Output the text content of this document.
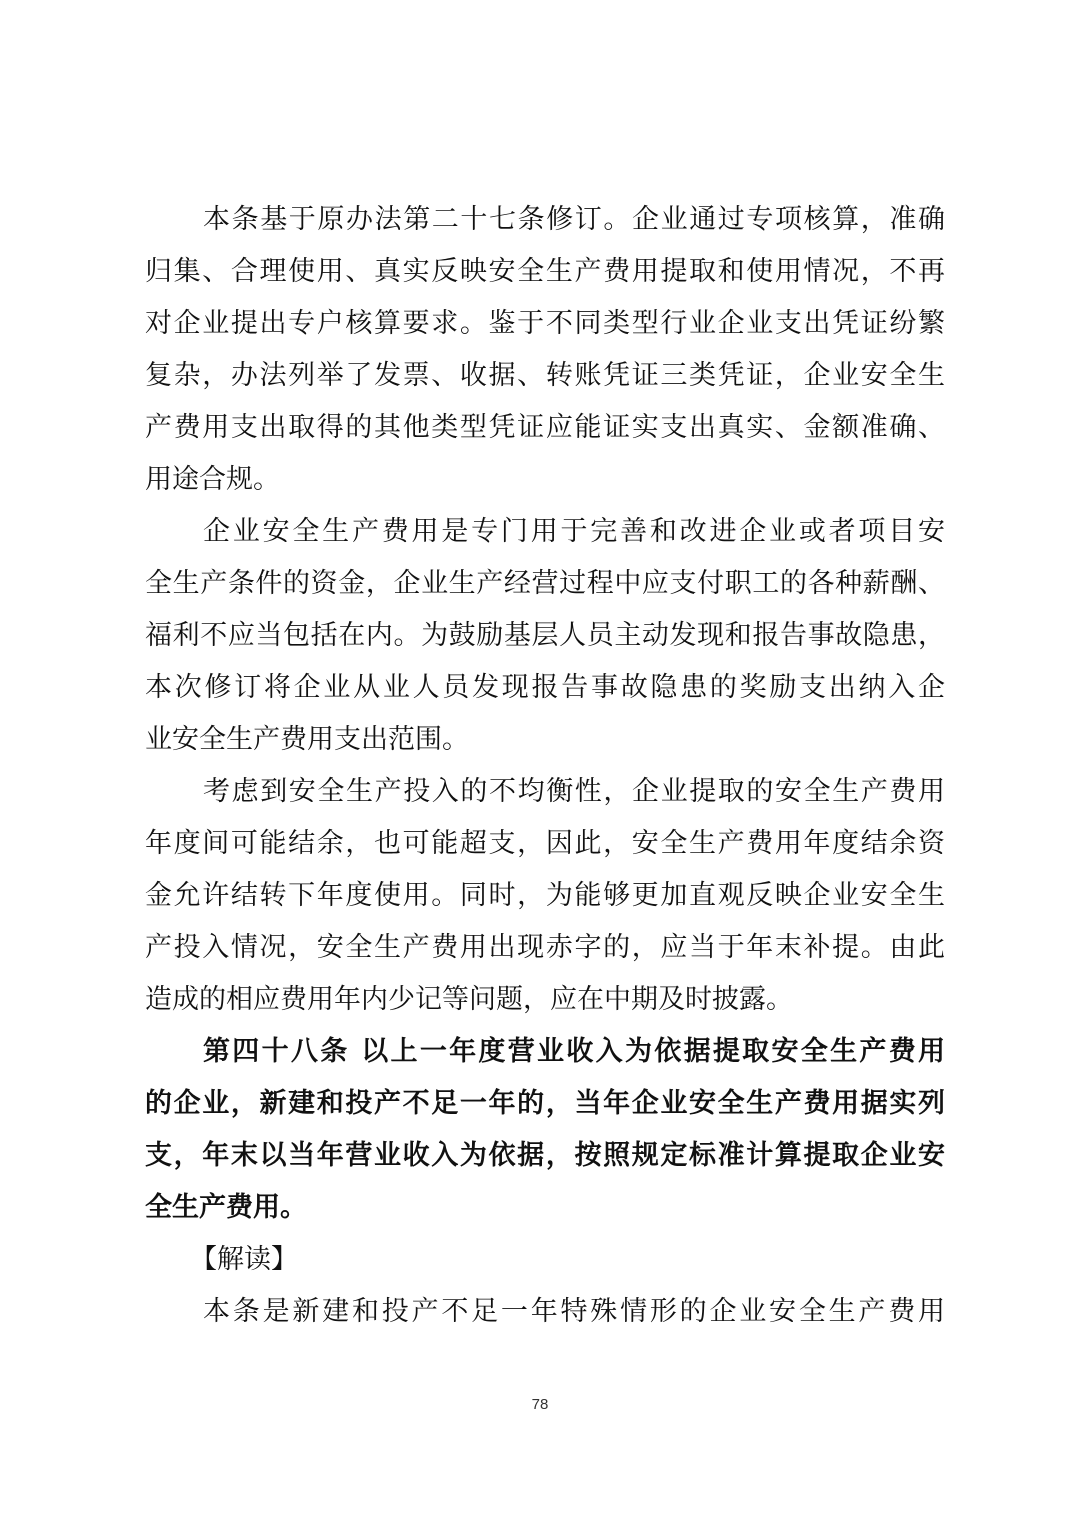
本条基于原办法第二十七条修订。企业通过专项核算，准确
归集、合理使用、真实反映安全生产费用提取和使用情况，不再
对企业提出专户核算要求。鉴于不同类型行业企业支出凭证纷繁
复杂，办法列举了发票、收据、转账凭证三类凭证，企业安全生
产费用支出取得的其他类型凭证应能证实支出真实、金额准确、
用途合规。
企业安全生产费用是专门用于完善和改进企业或者项目安
全生产条件的资金，企业生产经营过程中应支付职工的各种薪酬、
福利不应当包括在内。为鼓励基层人员主动发现和报告事故隐患，
本次修订将企业从业人员发现报告事故隐患的奖励支出纳入企
业安全生产费用支出范围。
考虑到安全生产投入的不均衡性，企业提取的安全生产费用
年度间可能结余，也可能超支，因此，安全生产费用年度结余资
金允许结转下年度使用。同时，为能够更加直观反映企业安全生
产投入情况，安全生产费用出现赤字的，应当于年末补提。由此
造成的相应费用年内少记等问题，应在中期及时披露。
第四十八条 以上一年度营业收入为依据提取安全生产费用
的企业，新建和投产不足一年的，当年企业安全生产费用据实列
支，年末以当年营业收入为依据，按照规定标准计算提取企业安
全生产费用。
【解读】
本条是新建和投产不足一年特殊情形的企业安全生产费用
78
